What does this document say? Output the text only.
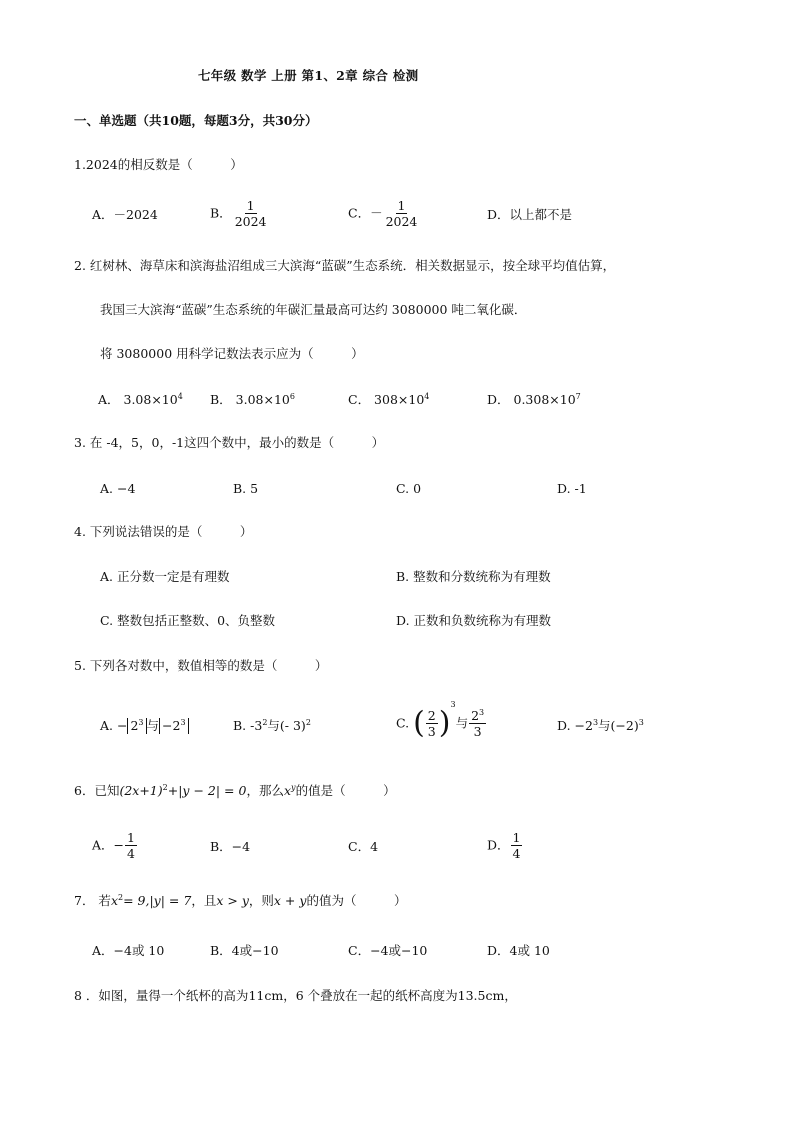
七年级 数学 上册 第1、2章 综合 检测
一、单选题（共10题，每题3分，共30分）
1.2024的相反数是（　　　）
A．－2024	B． $\frac{1}{2024}$	C．－ $\frac{1}{2024}$	D．以上都不是
2. 红树林、海草床和滨海盐沼组成三大滨海“蓝碳”生态系统．相关数据显示，按全球平均值估算，
我国三大滨海“蓝碳”生态系统的年碳汇量最高可达约 3080000 吨二氧化碳．
将 3080000 用科学记数法表示应为（　　　）
A． $3.08\times 10^4$ B． $3.08\times 10^6$	C． $308\times 10^4$	D． $0.308\times 10^7$
3. 在 -4，5，0，-1这四个数中，最小的数是（　　　）
A. −4	B. 5	C. 0	D. -1
4. 下列说法错误的是（　　　）
A. 正分数一定是有理数	B. 整数和分数统称为有理数
C. 整数包括正整数、0、负整数	D. 正数和负数统称为有理数
5. 下列各对数中，数值相等的数是（　　　）
A. − $2^3$ 与 $-2^3$	B. $-3^2$与(- 3)$^2$	C. ( $\frac{2}{3} )^3$与 $\frac{2^3}{3}$	D. $-2^3$与$(-2)^3$
6．已知$(2x+1)^2+|y - 2| = 0$，那么$x^y$的值是（　　　）
A．− $\frac{1}{4}$	B．−4	C．4	D． $\frac{1}{4}$
7． 若$x^2= 9,|y| = 7$，且x > y，则x + y的值为（　　　）
A．−4或 10	B．4或−10	C．−4或−10	D．4或 10
8 ．如图，量得一个纸杯的高为11cm，6 个叠放在一起的纸杯高度为13.5cm，
